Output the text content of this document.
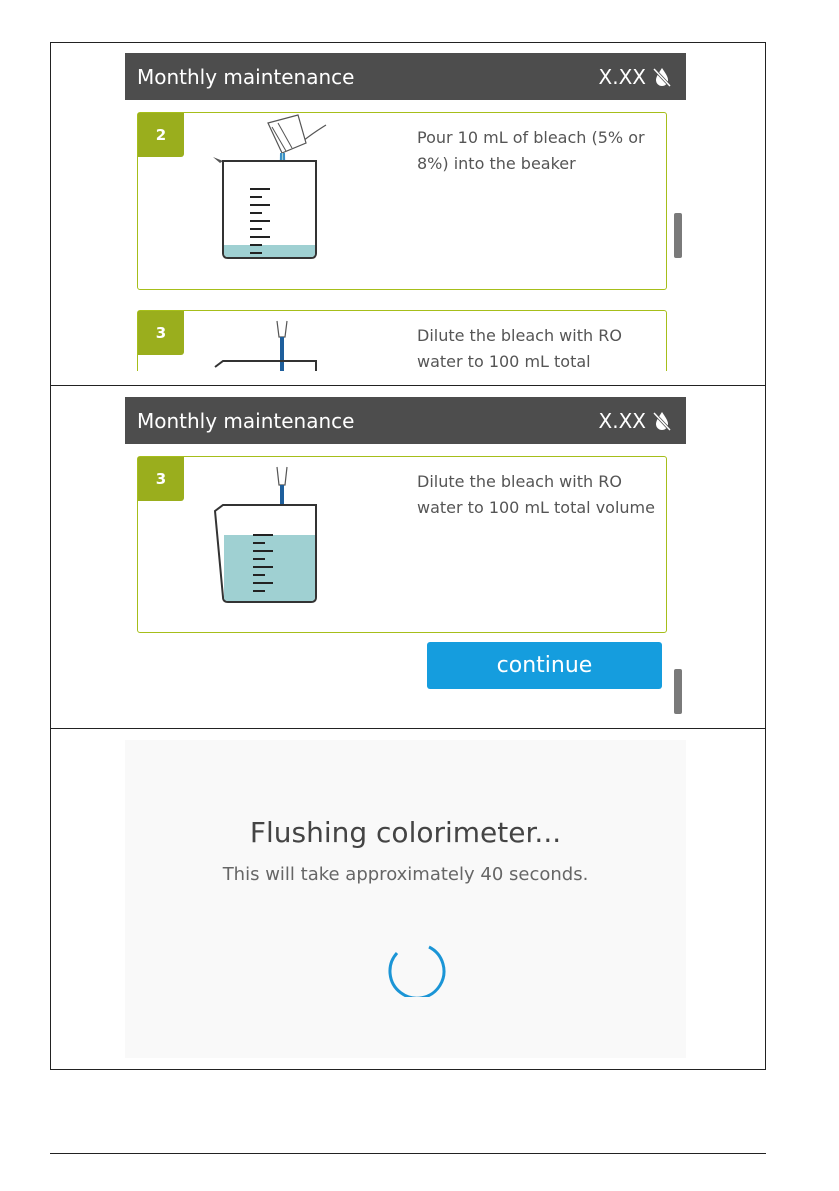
Monthly maintenance	X.XX
2	Pour 10 mL of bleach (5% or 8%) into the beaker
3	Dilute the bleach with RO water to 100 mL total
Monthly maintenance	X.XX
3	Dilute the bleach with RO water to 100 mL total volume
continue
Flushing colorimeter...
This will take approximately 40 seconds.
